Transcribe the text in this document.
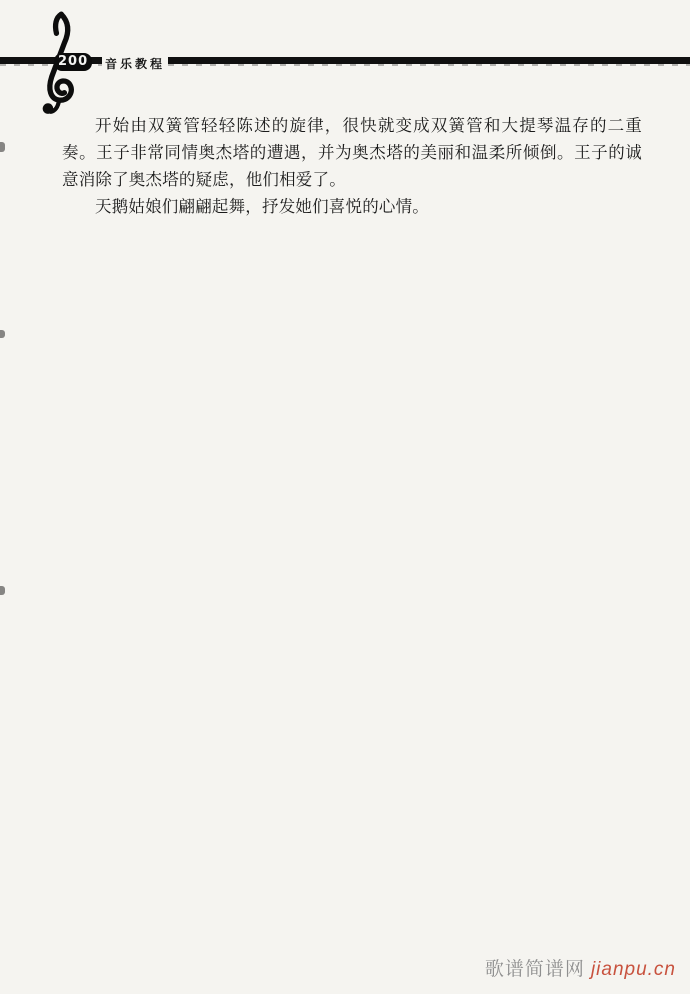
200	音乐教程

开始由双簧管轻轻陈述的旋律，很快就变成双簧管和大提琴温存的二重奏。王子非常同情奥杰塔的遭遇，并为奥杰塔的美丽和温柔所倾倒。王子的诚意消除了奥杰塔的疑虑，他们相爱了。

天鹅姑娘们翩翩起舞，抒发她们喜悦的心情。

歌谱简谱网 jianpu.cn
